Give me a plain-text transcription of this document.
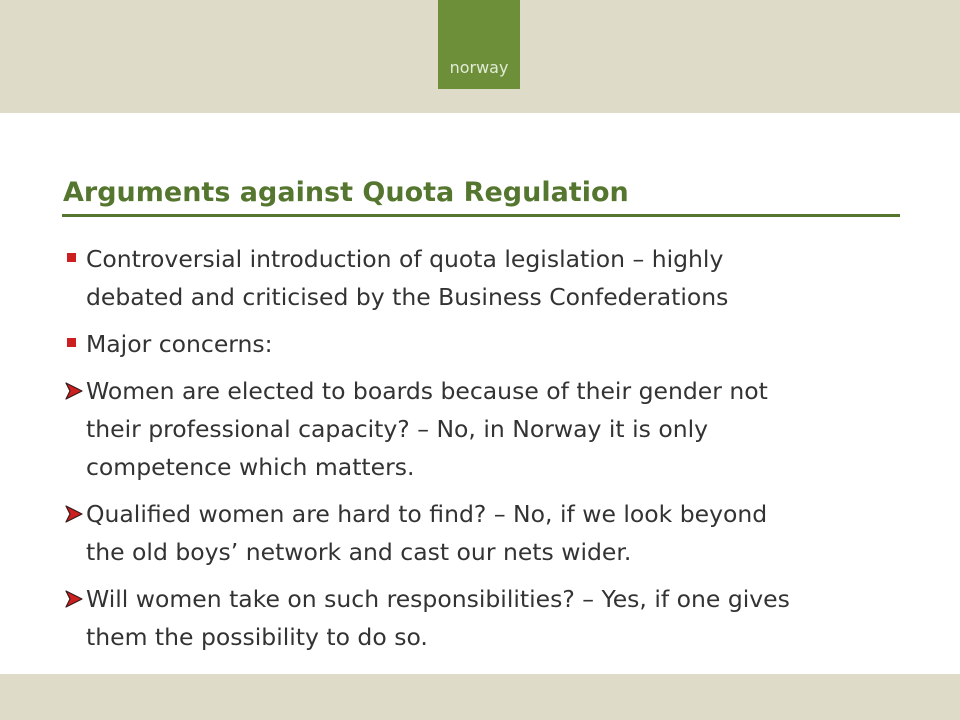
norway
Arguments against Quota Regulation
Controversial introduction of quota legislation – highly
debated and criticised by the Business Confederations
Major concerns:
Women are elected to boards because of their gender not
their professional capacity? – No, in Norway it is only
competence which matters.
Qualified women are hard to find? – No, if we look beyond
the old boys’ network and cast our nets wider.
Will women take on such responsibilities? – Yes, if one gives
them the possibility to do so.
